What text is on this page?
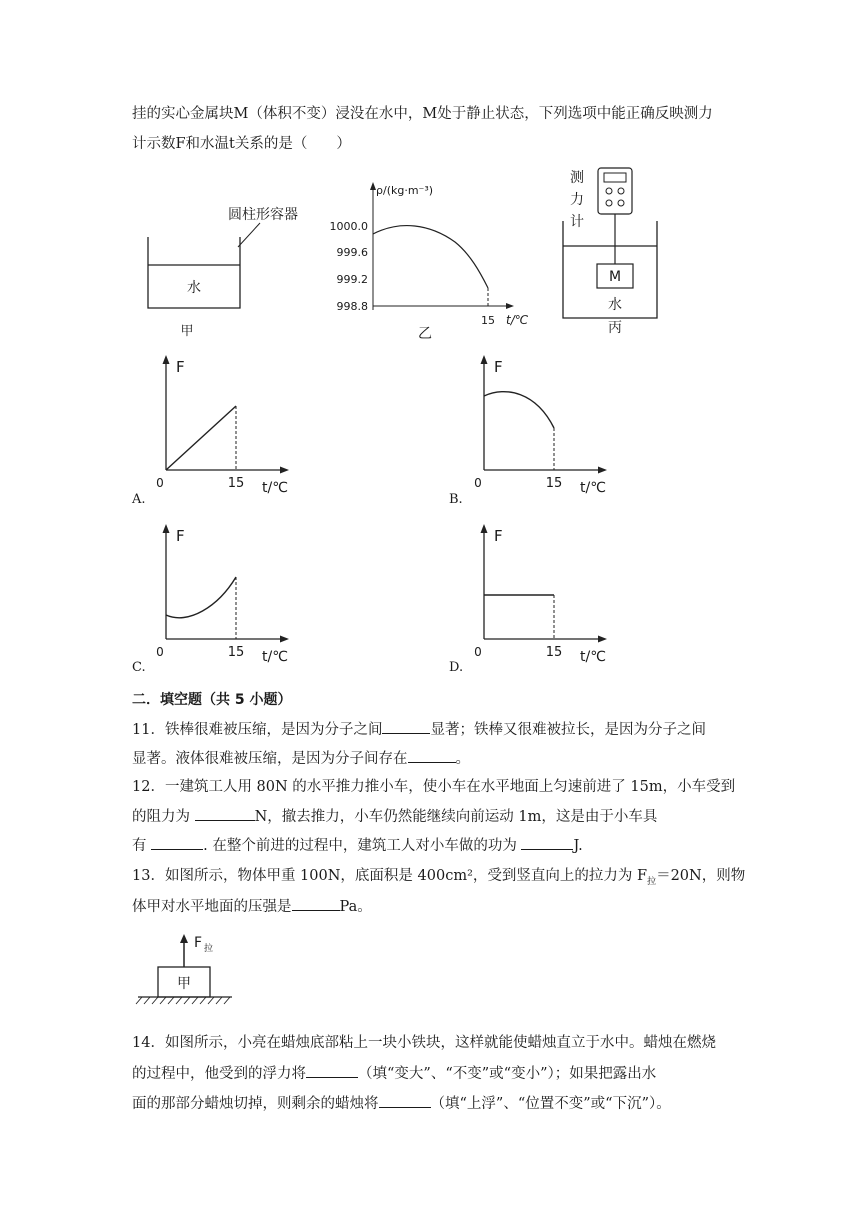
挂的实心金属块M（体积不变）浸没在水中，M处于静止状态，下列选项中能正确反映测力
计示数F和水温t关系的是（　　）
圆柱形容器
水
甲
ρ/(kg·m⁻³)
1000.0
999.6
999.2
998.8
15 t/℃
乙
测
力
计
M
水
丙
F
0	15 t/℃
F
0	15 t/℃
F
0	15 t/℃
F
0	15 t/℃
A.	B.
C.	D.
二．填空题（共 5 小题）
11．铁棒很难被压缩，是因为分子之间	显著；铁棒又很难被拉长，是因为分子之间
显著。液体很难被压缩，是因为分子间存在	。
12．一建筑工人用 80N 的水平推力推小车，使小车在水平地面上匀速前进了 15m，小车受到
的阻力为	N，撤去推力，小车仍然能继续向前运动 1m，这是由于小车具
有	. 在整个前进的过程中，建筑工人对小车做的功为	J.
13．如图所示，物体甲重 100N，底面积是 400cm²，受到竖直向上的拉力为 $F_拉=20N$，则物
体甲对水平地面的压强是	Pa。
F 拉
甲
14．如图所示，小亮在蜡烛底部粘上一块小铁块，这样就能使蜡烛直立于水中。蜡烛在燃烧
的过程中，他受到的浮力将	（填“变大”、“不变”或“变小”）；如果把露出水
面的那部分蜡烛切掉，则剩余的蜡烛将	（填“上浮”、“位置不变”或“下沉”）。
